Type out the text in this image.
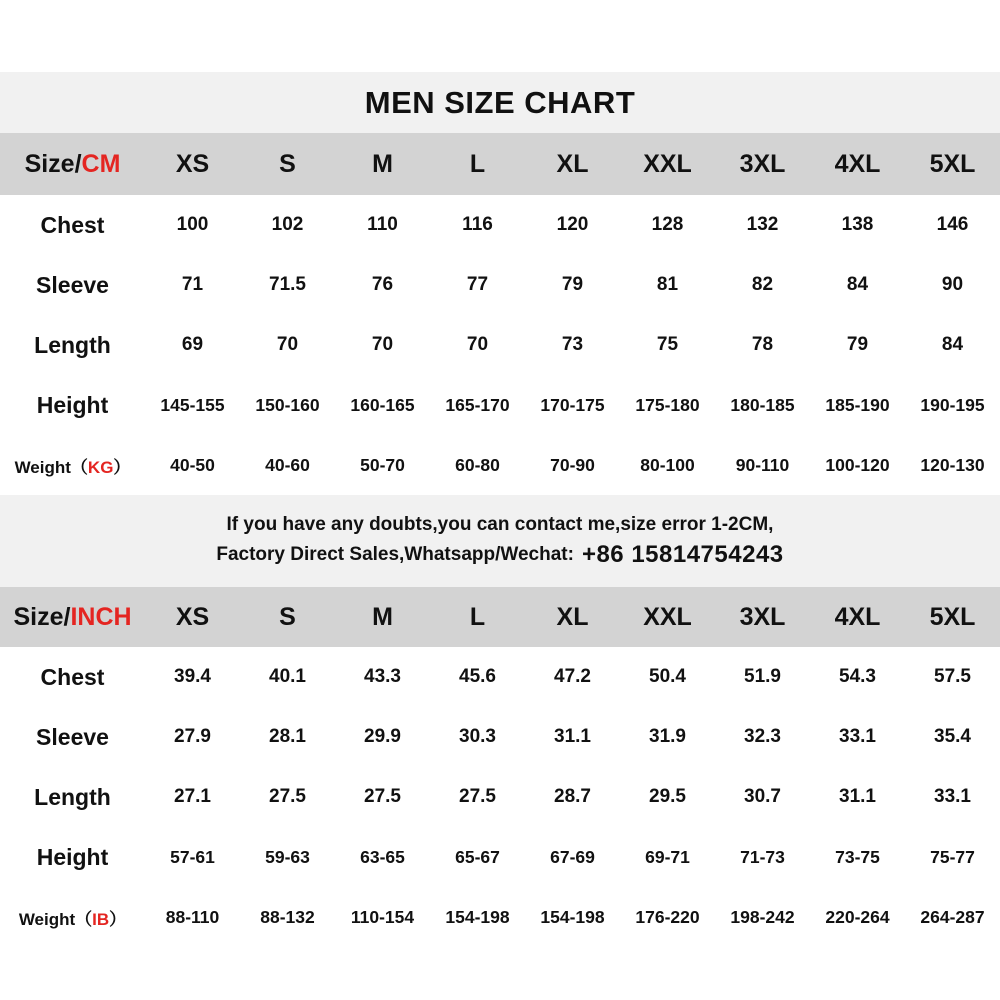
MEN SIZE CHART
Size/CM	XS	S	M	L	XL	XXL	3XL	4XL	5XL
Chest	100	102	110	116	120	128	132	138	146
Sleeve	71	71.5	76	77	79	81	82	84	90
Length	69	70	70	70	73	75	78	79	84
Height	145-155	150-160	160-165	165-170	170-175	175-180	180-185	185-190	190-195
Weight（KG）	40-50	40-60	50-70	60-80	70-90	80-100	90-110	100-120	120-130
If you have any doubts,you can contact me,size error 1-2CM,
Factory Direct Sales,Whatsapp/Wechat: +86 15814754243
Size/INCH	XS	S	M	L	XL	XXL	3XL	4XL	5XL
Chest	39.4	40.1	43.3	45.6	47.2	50.4	51.9	54.3	57.5
Sleeve	27.9	28.1	29.9	30.3	31.1	31.9	32.3	33.1	35.4
Length	27.1	27.5	27.5	27.5	28.7	29.5	30.7	31.1	33.1
Height	57-61	59-63	63-65	65-67	67-69	69-71	71-73	73-75	75-77
Weight（IB）	88-110	88-132	110-154	154-198	154-198	176-220	198-242	220-264	264-287
